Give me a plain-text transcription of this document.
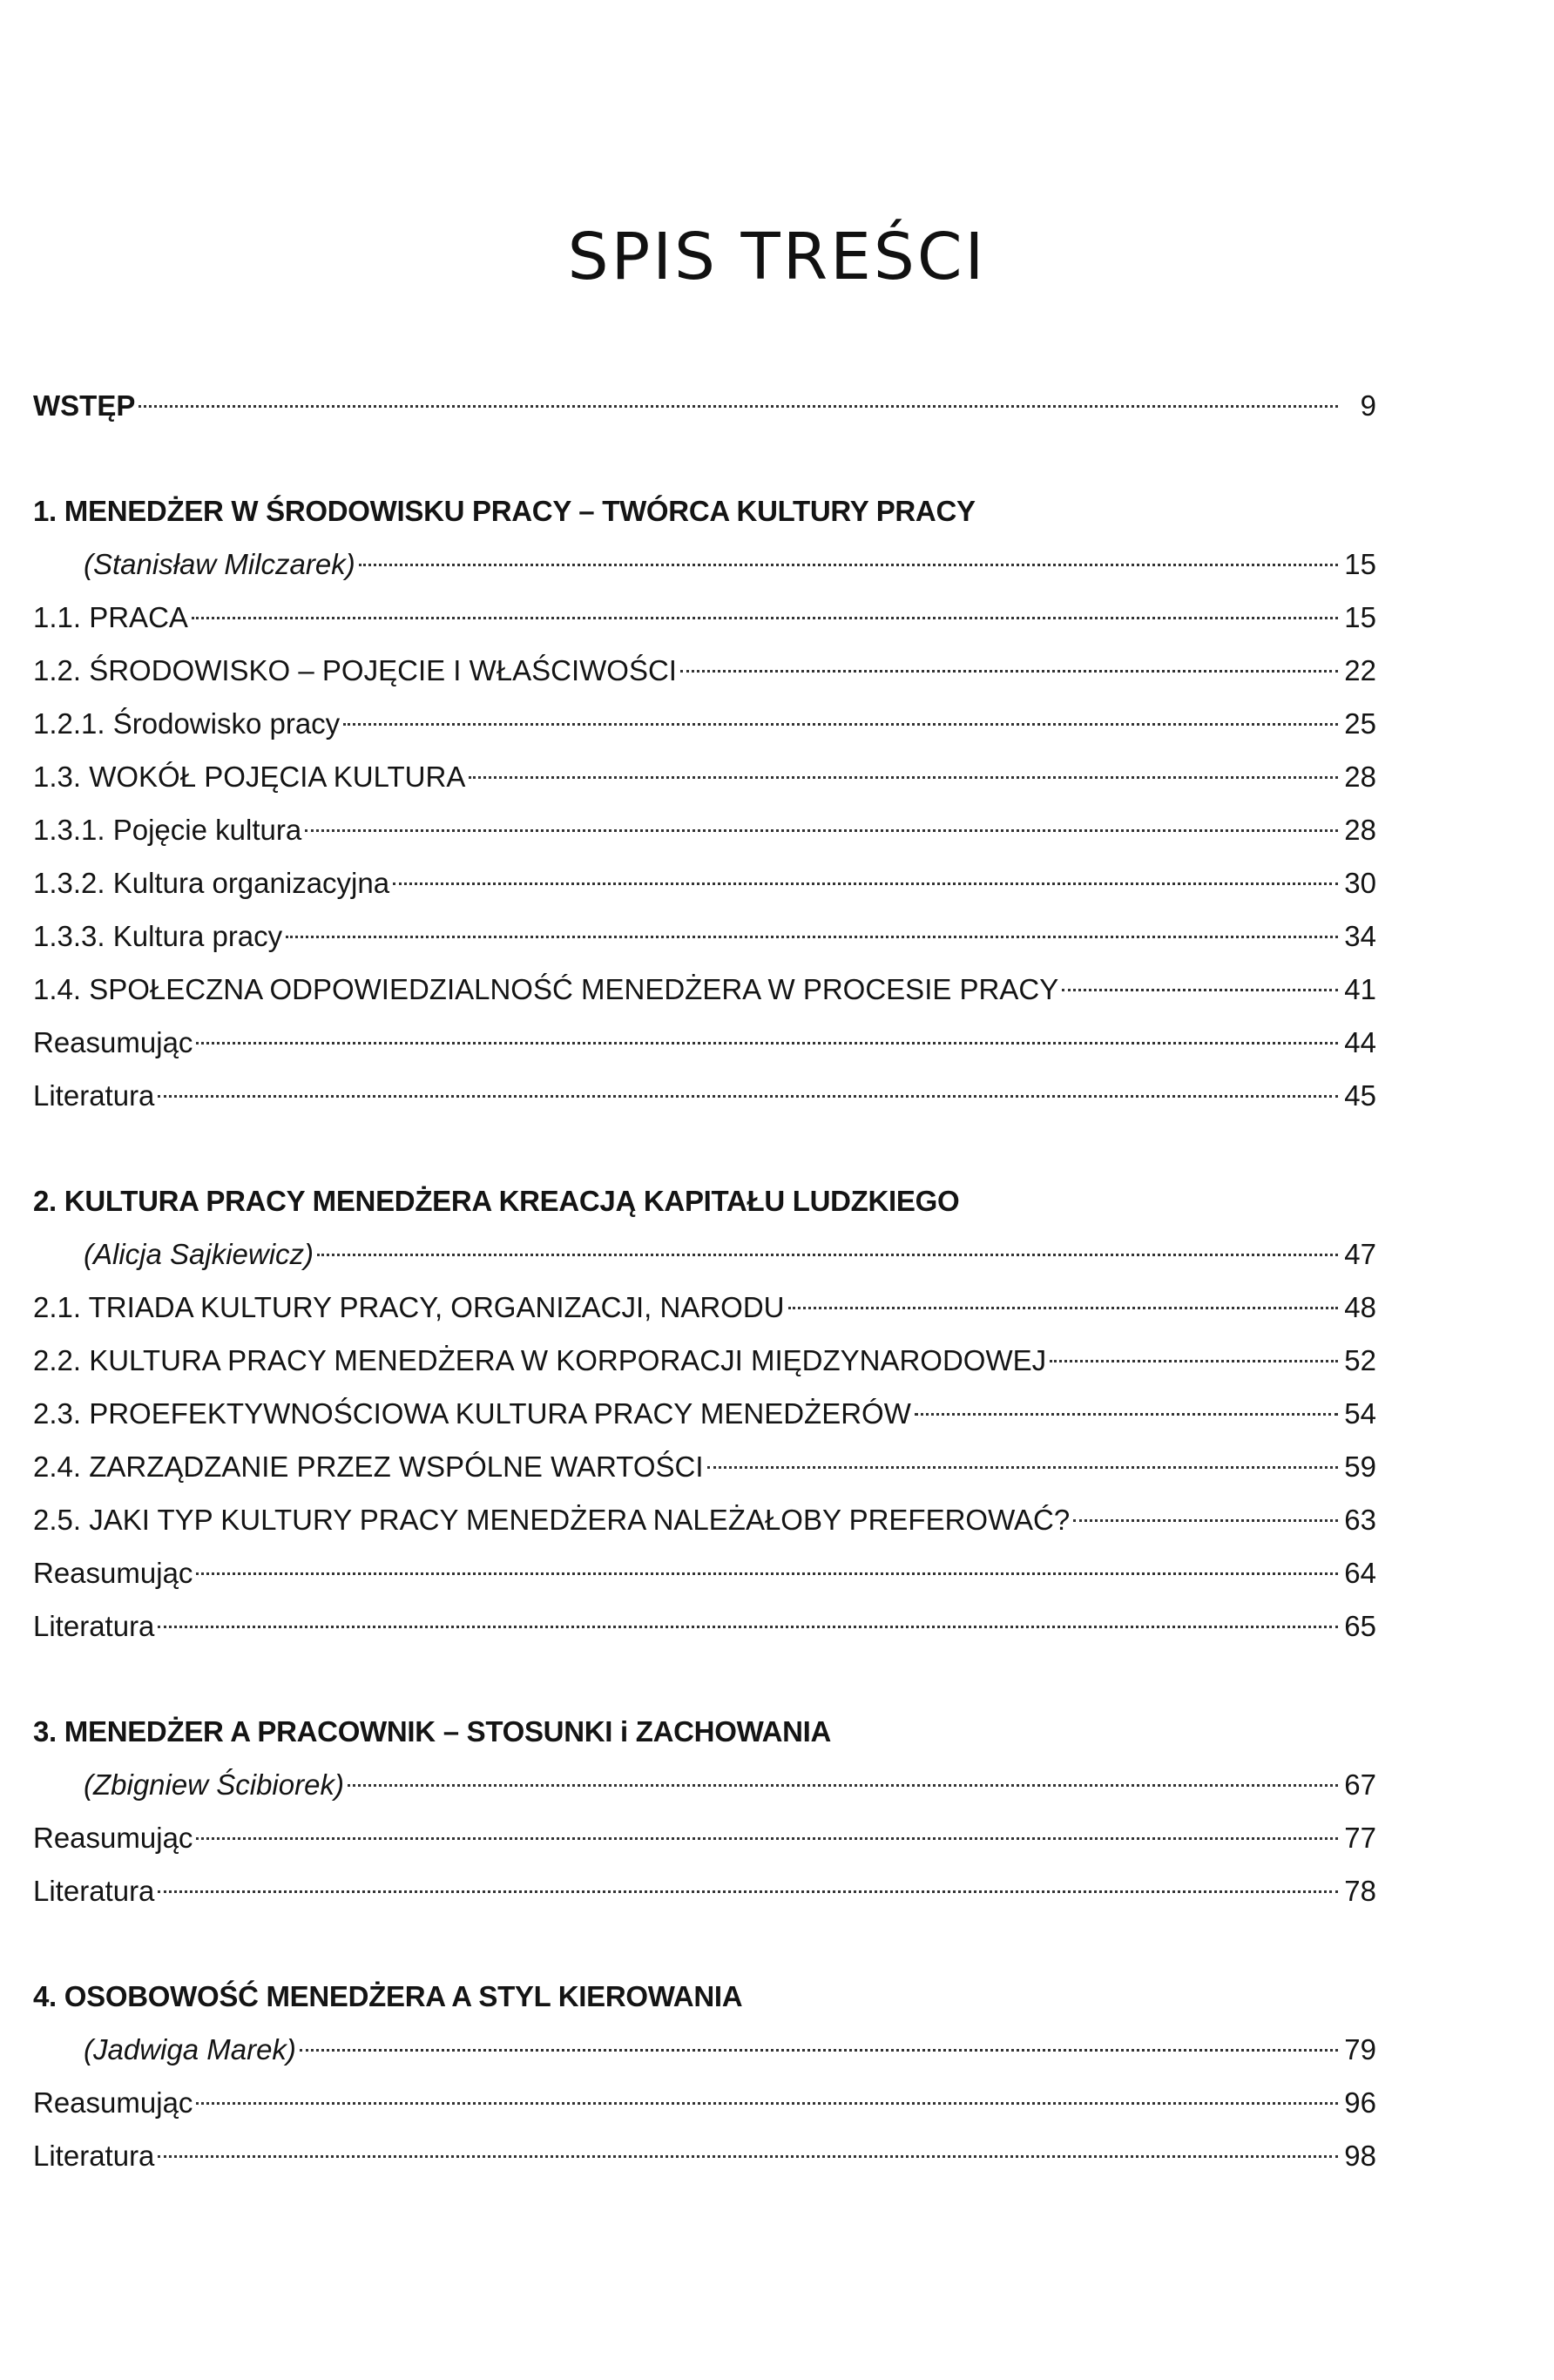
SPIS TREŚCI
WSTĘP	9
1. MENEDŻER W ŚRODOWISKU PRACY – TWÓRCA KULTURY PRACY
(Stanisław Milczarek)	15
1.1. PRACA	15
1.2. ŚRODOWISKO – POJĘCIE I WŁAŚCIWOŚCI	22
1.2.1. Środowisko pracy	25
1.3. WOKÓŁ POJĘCIA KULTURA	28
1.3.1. Pojęcie kultura	28
1.3.2. Kultura organizacyjna	30
1.3.3. Kultura pracy	34
1.4. SPOŁECZNA ODPOWIEDZIALNOŚĆ MENEDŻERA W PROCESIE PRACY	41
Reasumując	44
Literatura	45
2. KULTURA PRACY MENEDŻERA KREACJĄ KAPITAŁU LUDZKIEGO
(Alicja Sajkiewicz)	47
2.1. TRIADA KULTURY PRACY, ORGANIZACJI, NARODU	48
2.2. KULTURA PRACY MENEDŻERA W KORPORACJI MIĘDZYNARODOWEJ	52
2.3. PROEFEKTYWNOŚCIOWA KULTURA PRACY MENEDŻERÓW	54
2.4. ZARZĄDZANIE PRZEZ WSPÓLNE WARTOŚCI	59
2.5. JAKI TYP KULTURY PRACY MENEDŻERA NALEŻAŁOBY PREFEROWAĆ?	63
Reasumując	64
Literatura	65
3. MENEDŻER A PRACOWNIK – STOSUNKI i ZACHOWANIA
(Zbigniew Ścibiorek)	67
Reasumując	77
Literatura	78
4. OSOBOWOŚĆ MENEDŻERA A STYL KIEROWANIA
(Jadwiga Marek)	79
Reasumując	96
Literatura	98
